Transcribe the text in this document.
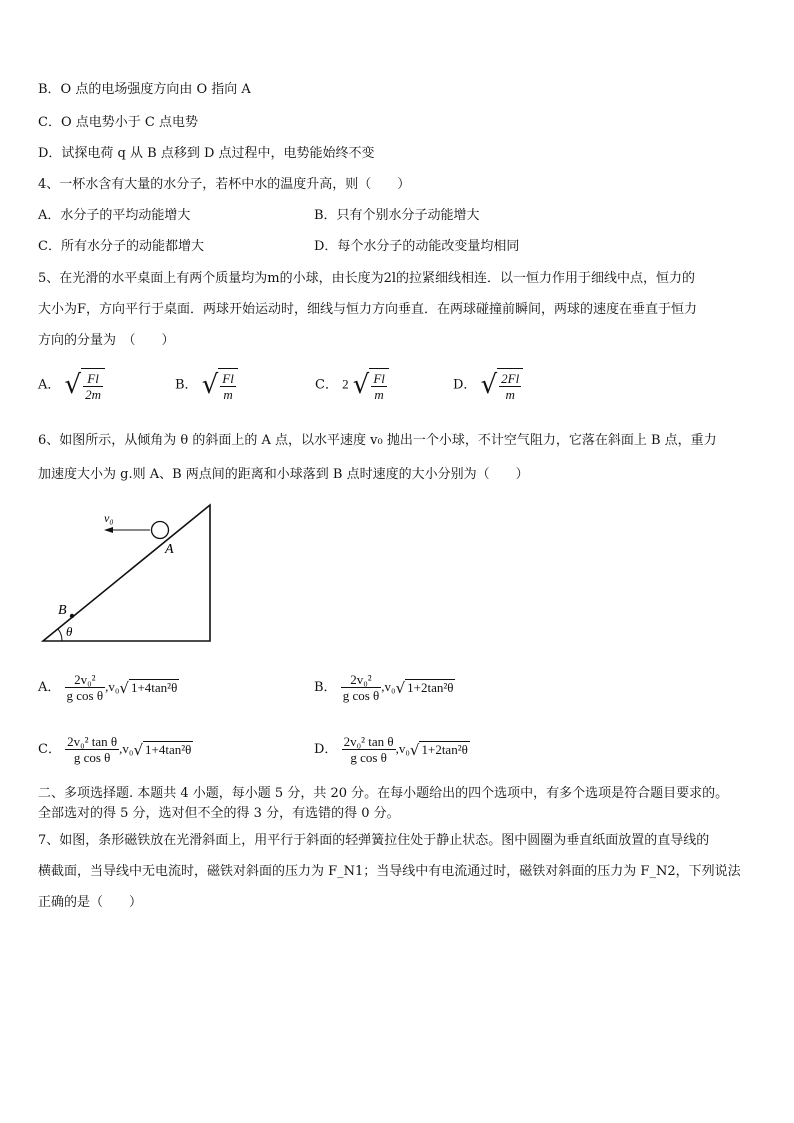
B．O 点的电场强度方向由 O 指向 A
C．O 点电势小于 C 点电势
D．试探电荷 q 从 B 点移到 D 点过程中，电势能始终不变
4、一杯水含有大量的水分子，若杯中水的温度升高，则（　　）
A．水分子的平均动能增大	B．只有个别水分子动能增大
C．所有水分子的动能都增大	D．每个水分子的动能改变量均相同
5、在光滑的水平桌面上有两个质量均为m的小球，由长度为2l的拉紧细线相连．以一恒力作用于细线中点，恒力的
大小为F，方向平行于桌面．两球开始运动时，细线与恒力方向垂直．在两球碰撞前瞬间，两球的速度在垂直于恒力
方向的分量为　（　　）
A． √ $\frac{Fl}{2m}$	B． √ $\frac{Fl}{m}$	C． 2 √ $\frac{Fl}{m}$	D． √ $\frac{2Fl}{m}$
6、如图所示，从倾角为 θ 的斜面上的 A 点，以水平速度 v₀ 抛出一个小球，不计空气阻力，它落在斜面上 B 点，重力
加速度大小为 g.则 A、B 两点间的距离和小球落到 B 点时速度的大小分别为（　　）
v₀
B
A
θ
A． $\frac{\text{2v₀²}}{\text{g cos θ}} ,v_0$ √ 1+4tan²θ	B． $\frac{\text{2v₀²}}{\text{g cos θ}} ,v_0$ √ 1+2tan²θ
C． $\frac{\text{2v₀² tan θ}}{\text{g cos θ}} ,v_0$ √ 1+4tan²θ	D． $\frac{\text{2v₀² tan θ}}{\text{g cos θ}} ,v_0$ √ 1+2tan²θ
二、多项选择题. 本题共 4 小题，每小题 5 分，共 20 分。在每小题给出的四个选项中，有多个选项是符合题目要求的。
全部选对的得 5 分，选对但不全的得 3 分，有选错的得 0 分。
7、如图，条形磁铁放在光滑斜面上，用平行于斜面的轻弹簧拉住处于静止状态。图中圆圈为垂直纸面放置的直导线的
横截面，当导线中无电流时，磁铁对斜面的压力为 F_N1；当导线中有电流通过时，磁铁对斜面的压力为 F_N2，下列说法
正确的是（　　）
